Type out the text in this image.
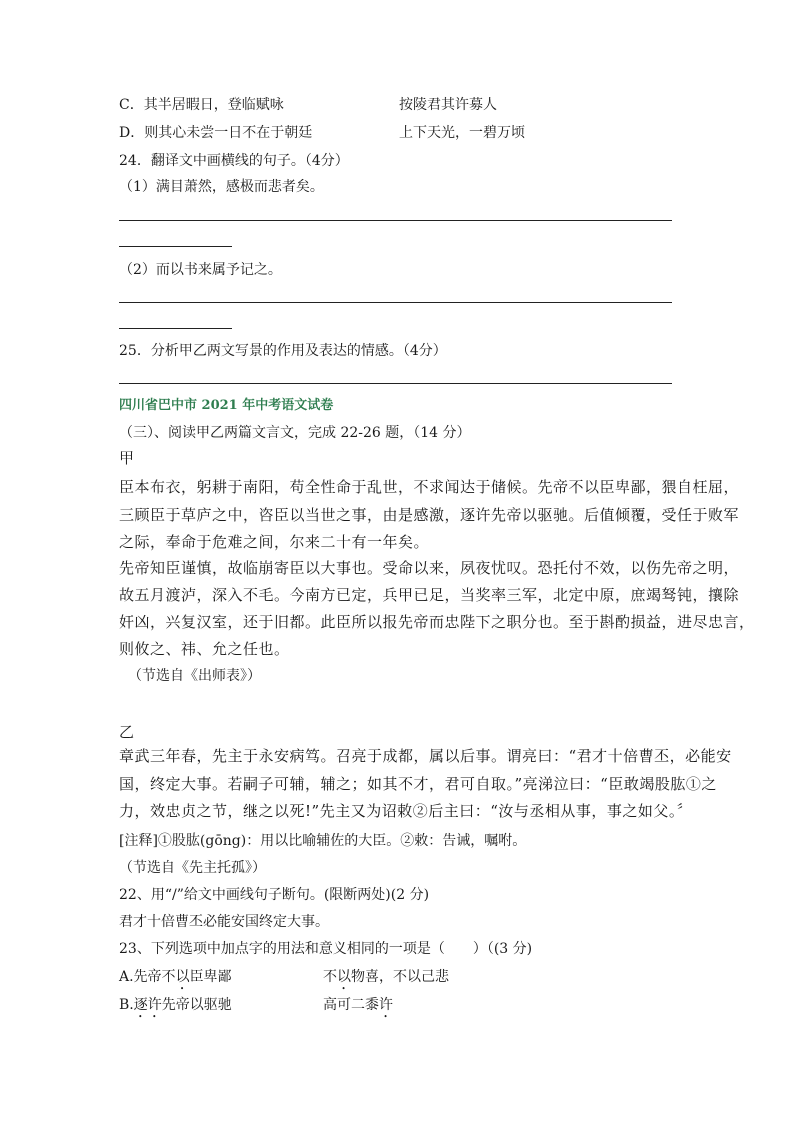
C．其半居暇日，登临赋咏	按陵君其许募人
D．则其心未尝一日不在于朝廷	上下天光，一碧万顷
24．翻译文中画横线的句子。（4分）
（1）满目萧然，感极而悲者矣。
（2）而以书来属予记之。
25．分析甲乙两文写景的作用及表达的情感。（4分）
四川省巴中市 2021 年中考语文试卷
（三）、阅读甲乙两篇文言文，完成 22-26 题，（14 分）
甲
臣本布衣，躬耕于南阳，苟全性命于乱世，不求闻达于储候。先帝不以臣卑鄙，猥自枉屈，
三顾臣于草庐之中，咨臣以当世之事，由是感激，逐许先帝以驱驰。后值倾覆，受任于败军
之际，奉命于危难之间，尔来二十有一年矣。
先帝知臣谨慎，故临崩寄臣以大事也。受命以来，夙夜忧叹。恐托付不效，以伤先帝之明，
故五月渡泸，深入不毛。今南方已定，兵甲已足，当奖率三军，北定中原，庶竭驽钝，攘除
奸凶，兴复汉室，还于旧都。此臣所以报先帝而忠陛下之职分也。至于斟酌损益，进尽忠言，
则攸之、祎、允之任也。
（节选自《出师表》）
乙
章武三年春，先主于永安病笃。召亮于成都，属以后事。谓亮曰：“君才十倍曹丕，必能安
国，终定大事。若嗣子可辅，辅之；如其不才，君可自取。”亮涕泣曰：“臣敢竭股肱①之
力，效忠贞之节，继之以死!”先主又为诏敕②后主曰：“汝与丞相从事，事之如父。〞
[注释]①股肱(gōng)：用以比喻辅佐的大臣。②敕：告诫，嘱咐。
（节选自《先主托孤》）
22、用“/”给文中画线句子断句。(限断两处)(2 分)
君才十倍曹丕必能安国终定大事。
23、下列选项中加点字的用法和意义相同的一项是（　　）（(3 分)
A.先帝不以臣卑鄙	不以物喜，不以己悲
B.逐许先帝以驱驰	高可二黍许
